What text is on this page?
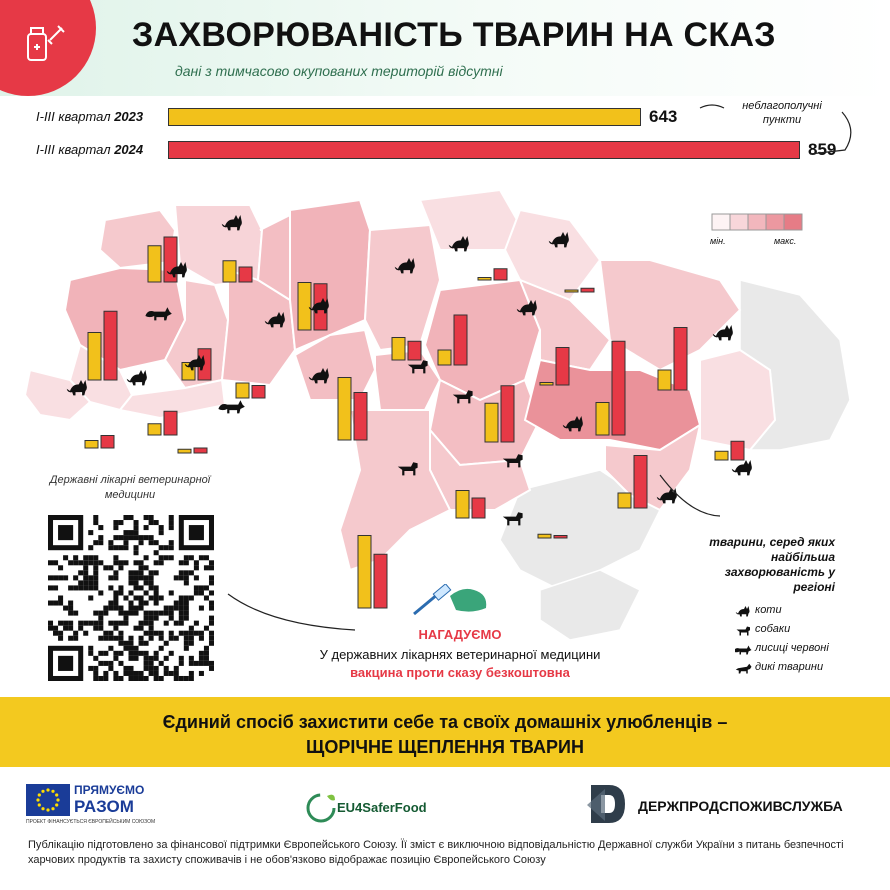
ЗАХВОРЮВАНІСТЬ ТВАРИН НА СКАЗ
дані з тимчасово окупованих територій відсутні
I-III квартал 2023	643
I-III квартал 2024	859
неблагополучні пункти
мін.	макс.
Державні лікарні ветеринарної медицини
НАГАДУЄМО
У державних лікарнях ветеринарної медицини
вакцина проти сказу безкоштовна
тварини, серед яких найбільша захворюваність у регіоні
коти
собаки
лисиці червоні
дикі тварини
Єдиний спосіб захистити себе та своїх домашніх улюбленців –
ЩОРІЧНЕ ЩЕПЛЕННЯ ТВАРИН
ПРЯМУЄМО
РАЗОМ
ПРОЕКТ ФІНАНСУЄТЬСЯ ЄВРОПЕЙСЬКИМ СОЮЗОМ
EU4SaferFood	ДЕРЖПРОДСПОЖИВСЛУЖБА
Публікацію підготовлено за фінансової підтримки Європейського Союзу. Її зміст є виключною відповідальністю Державної служби України з питань безпечності харчових продуктів та захисту споживачів і не обов'язково відображає позицію Європейського Союзу
